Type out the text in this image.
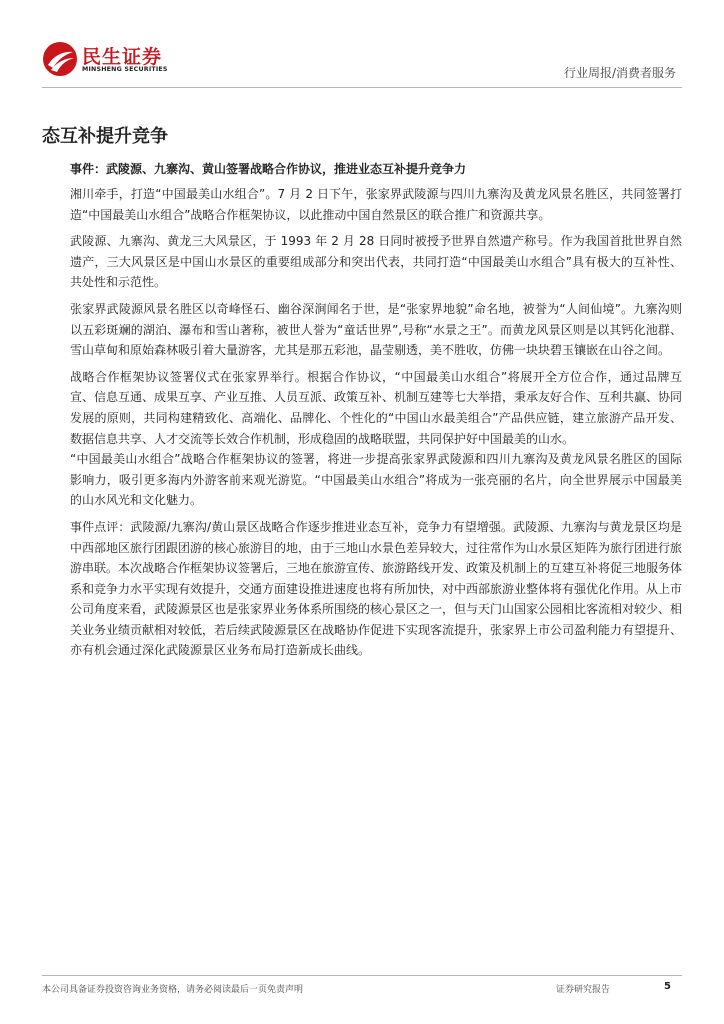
民生证券
MINSHENG SECURITIES	行业周报/消费者服务
态互补提升竞争
事件：武陵源、九寨沟、黄山签署战略合作协议，推进业态互补提升竞争力

湘川牵手，打造“中国最美山水组合”。7 月 2 日下午，张家界武陵源与四川九寨沟及黄龙风景名胜区，共同签署打造“中国最美山水组合”战略合作框架协议，以此推动中国自然景区的联合推广和资源共享。

武陵源、九寨沟、黄龙三大风景区，于 1993 年 2 月 28 日同时被授予世界自然遗产称号。作为我国首批世界自然遗产，三大风景区是中国山水景区的重要组成部分和突出代表，共同打造“中国最美山水组合”具有极大的互补性、共处性和示范性。

张家界武陵源风景名胜区以奇峰怪石、幽谷深涧闻名于世，是“张家界地貌”命名地，被誉为“人间仙境”。九寨沟则以五彩斑斓的湖泊、瀑布和雪山著称，被世人誉为“童话世界”,号称“水景之王”。而黄龙风景区则是以其钙化池群、雪山草甸和原始森林吸引着大量游客，尤其是那五彩池，晶莹剔透，美不胜收，仿佛一块块碧玉镶嵌在山谷之间。

战略合作框架协议签署仪式在张家界举行。根据合作协议，“中国最美山水组合”将展开全方位合作，通过品牌互宣、信息互通、成果互享、产业互推、人员互派、政策互补、机制互建等七大举措，秉承友好合作、互利共赢、协同发展的原则，共同构建精致化、高端化、品牌化、个性化的“中国山水最美组合”产品供应链，建立旅游产品开发、数据信息共享、人才交流等长效合作机制，形成稳固的战略联盟，共同保护好中国最美的山水。

“中国最美山水组合”战略合作框架协议的签署，将进一步提高张家界武陵源和四川九寨沟及黄龙风景名胜区的国际影响力，吸引更多海内外游客前来观光游览。“中国最美山水组合”将成为一张亮丽的名片，向全世界展示中国最美的山水风光和文化魅力。

事件点评：武陵源/九寨沟/黄山景区战略合作逐步推进业态互补，竞争力有望增强。武陵源、九寨沟与黄龙景区均是中西部地区旅行团跟团游的核心旅游目的地，由于三地山水景色差异较大，过往常作为山水景区矩阵为旅行团进行旅游串联。本次战略合作框架协议签署后，三地在旅游宣传、旅游路线开发、政策及机制上的互建互补将促三地服务体系和竞争力水平实现有效提升，交通方面建设推进速度也将有所加快，对中西部旅游业整体将有强优化作用。从上市公司角度来看，武陵源景区也是张家界业务体系所围绕的核心景区之一，但与天门山国家公园相比客流相对较少、相关业务业绩贡献相对较低，若后续武陵源景区在战略协作促进下实现客流提升，张家界上市公司盈利能力有望提升、亦有机会通过深化武陵源景区业务布局打造新成长曲线。

本公司具备证券投资咨询业务资格，请务必阅读最后一页免责声明	证券研究报告	5
